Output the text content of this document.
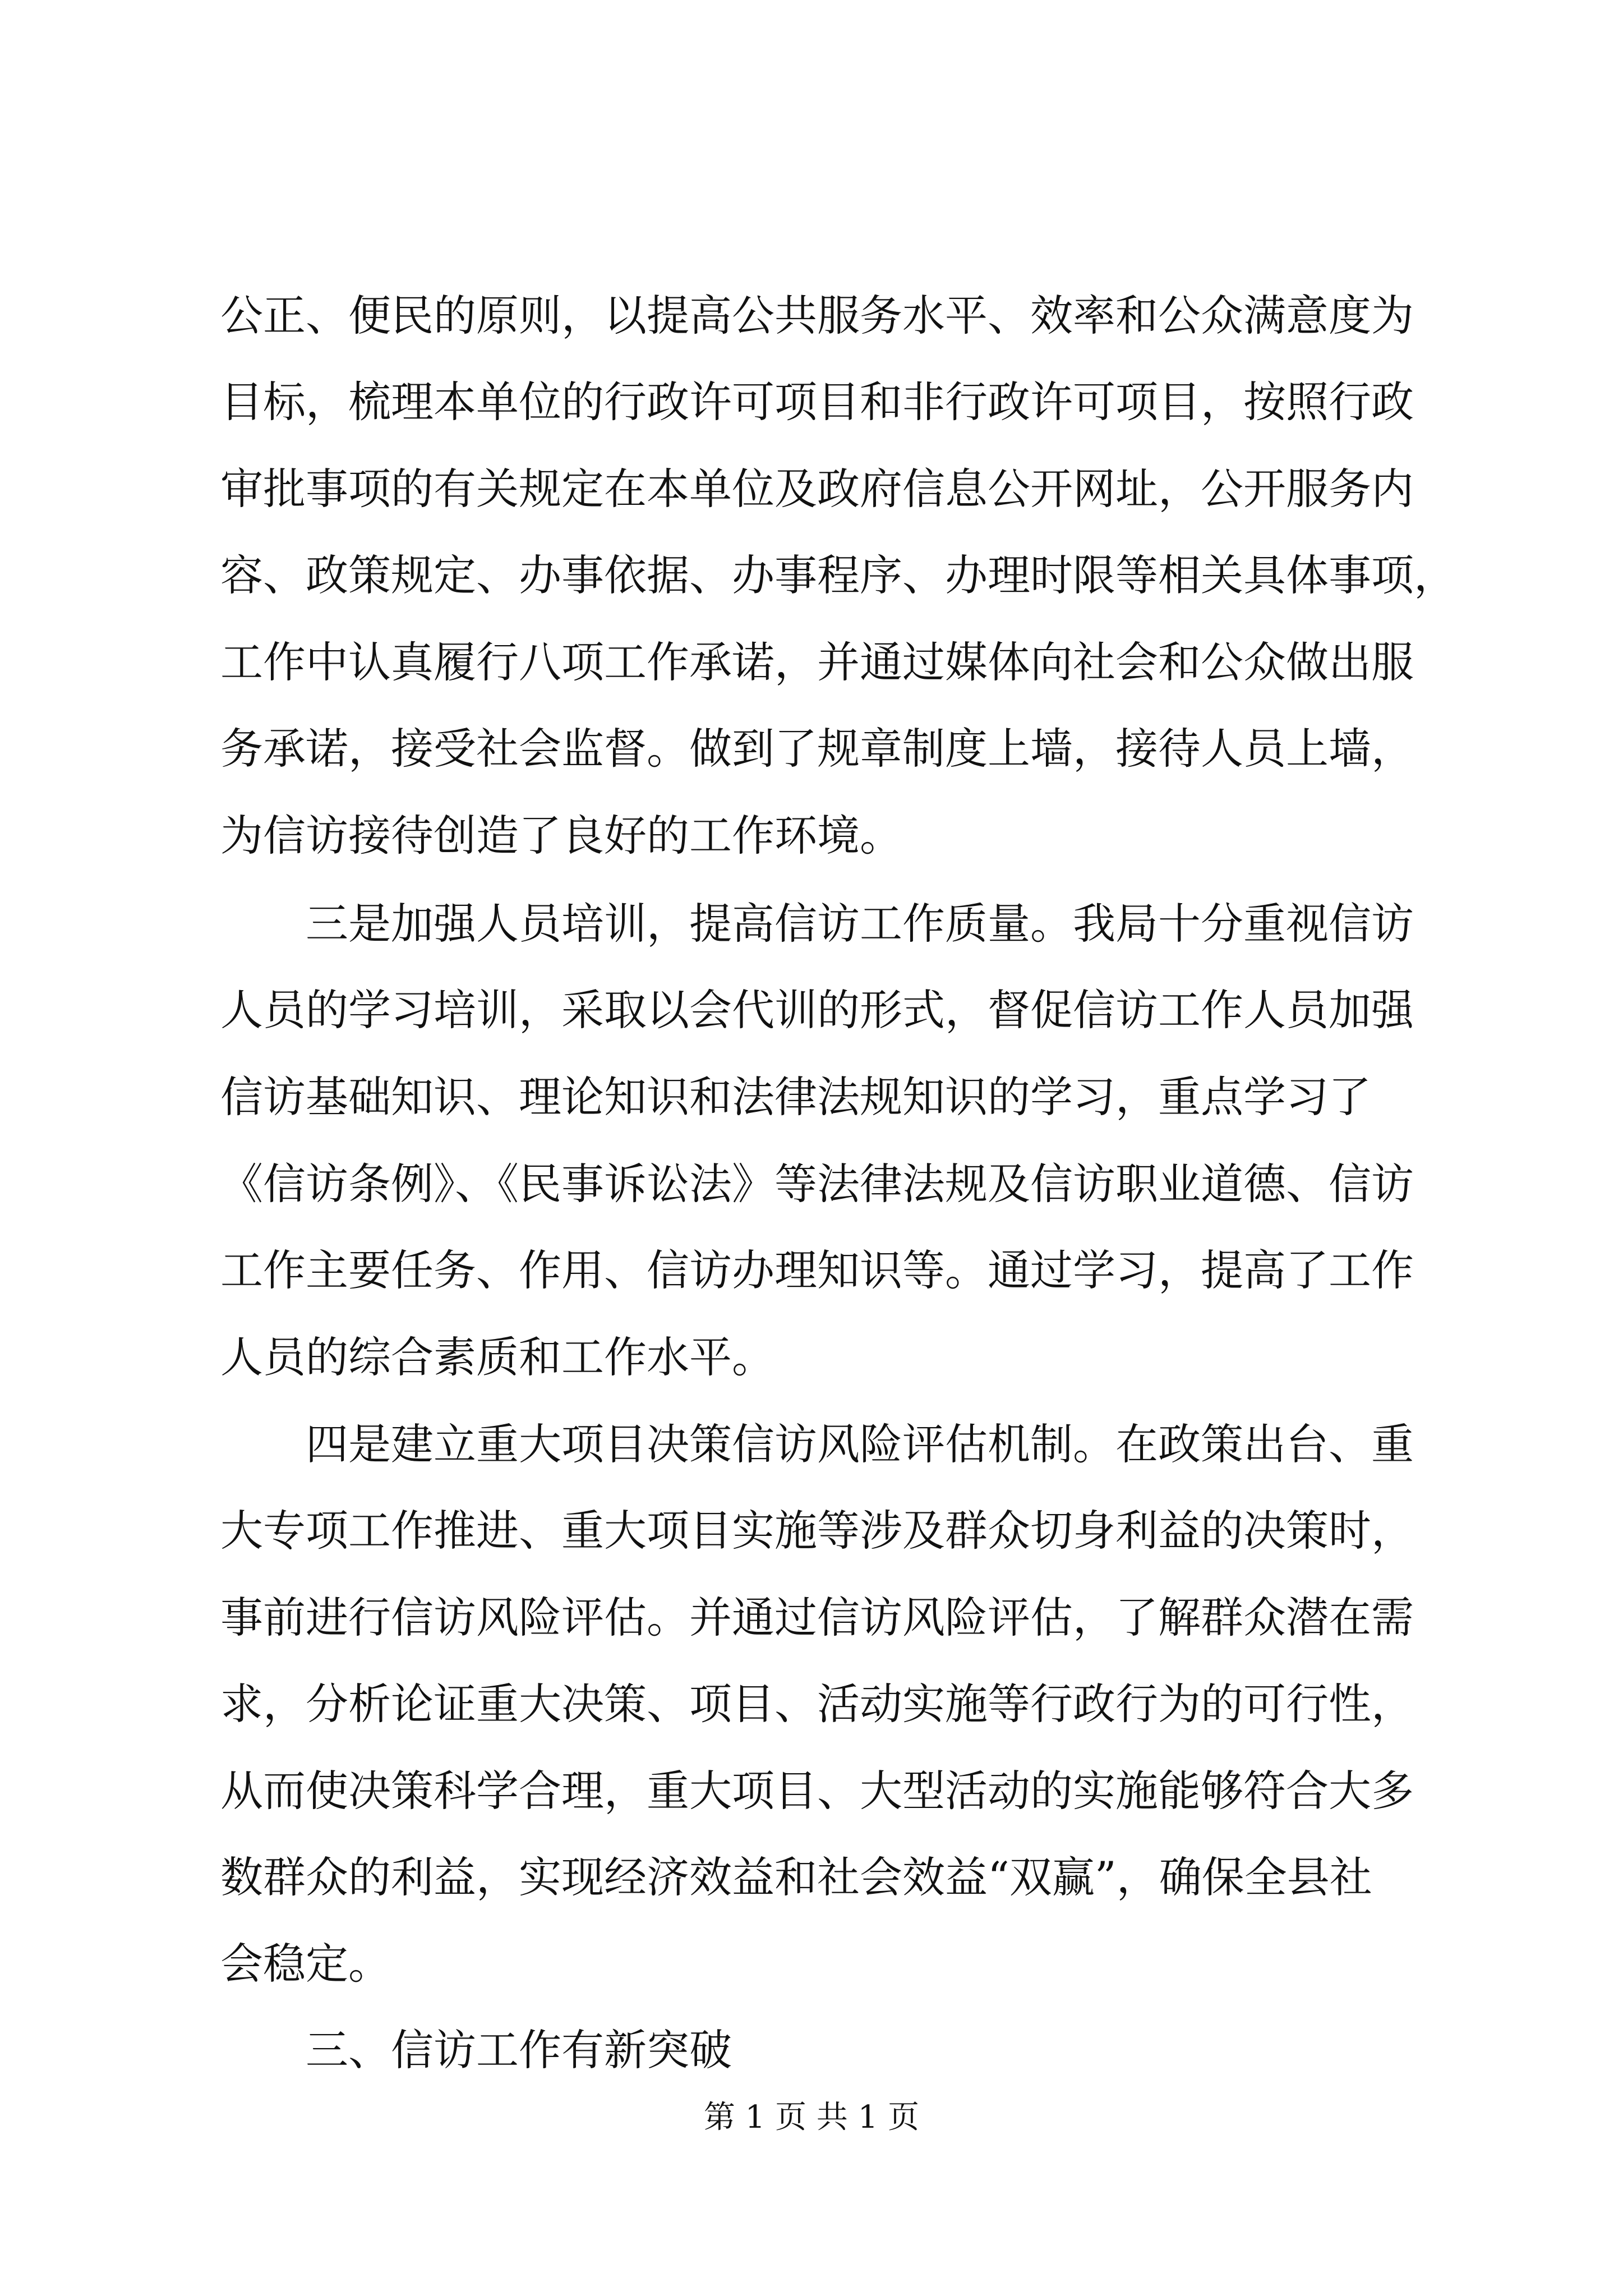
公正、便民的原则，以提高公共服务水平、效率和公众满意度为
目标，梳理本单位的行政许可项目和非行政许可项目，按照行政
审批事项的有关规定在本单位及政府信息公开网址，公开服务内
容、政策规定、办事依据、办事程序、办理时限等相关具体事项，
工作中认真履行八项工作承诺，并通过媒体向社会和公众做出服
务承诺，接受社会监督。做到了规章制度上墙，接待人员上墙，
为信访接待创造了良好的工作环境。
三是加强人员培训，提高信访工作质量。我局十分重视信访
人员的学习培训，采取以会代训的形式，督促信访工作人员加强
信访基础知识、理论知识和法律法规知识的学习，重点学习了
《信访条例》、《民事诉讼法》等法律法规及信访职业道德、信访
工作主要任务、作用、信访办理知识等。通过学习，提高了工作
人员的综合素质和工作水平。
四是建立重大项目决策信访风险评估机制。在政策出台、重
大专项工作推进、重大项目实施等涉及群众切身利益的决策时，
事前进行信访风险评估。并通过信访风险评估，了解群众潜在需
求，分析论证重大决策、项目、活动实施等行政行为的可行性，
从而使决策科学合理，重大项目、大型活动的实施能够符合大多
数群众的利益，实现经济效益和社会效益“双赢”，确保全县社
会稳定。
三、信访工作有新突破
第 1 页 共 1 页
